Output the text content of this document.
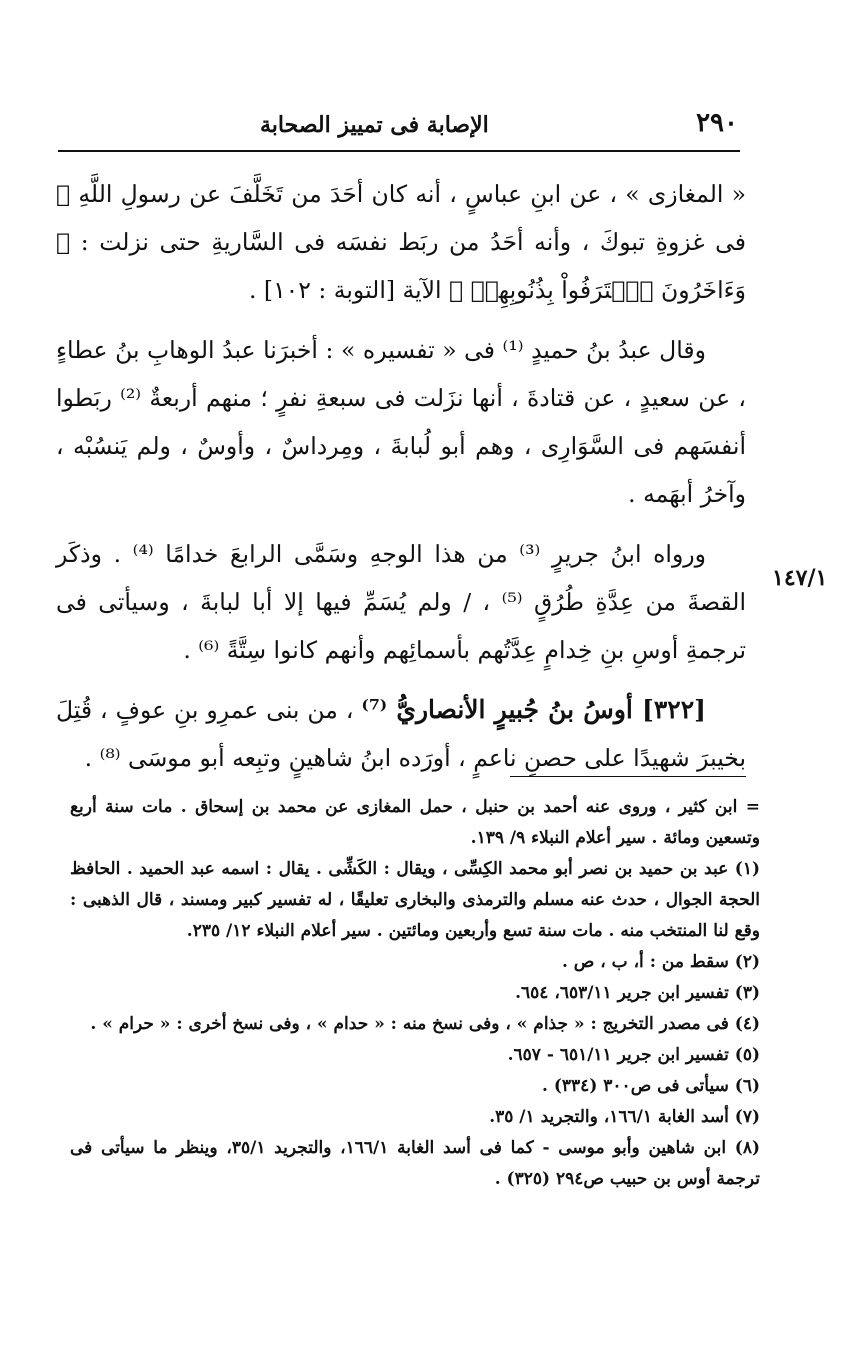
الإصابة فى تمييز الصحابة	٢٩٠
١٤٧/١

« المغازى » ، عن ابنِ عباسٍ ، أنه كان أحَدَ من تَخَلَّفَ عن رسولِ اللَّهِ ﷺ فى غزوةِ تبوكَ ، وأنه أحَدُ من ربَط نفسَه فى السَّاريةِ حتى نزلت : ﴿ وَءَاخَرُونَ ٱعۡتَرَفُواْ بِذُنُوبِهِمۡ ﴾ الآية [التوبة : ١٠٢] .

وقال عبدُ بنُ حميدٍ ⁽¹⁾ فى « تفسيره » : أخبرَنا عبدُ الوهابِ بنُ عطاءٍ ، عن سعيدٍ ، عن قتادةَ ، أنها نزَلت فى سبعةِ نفرٍ ؛ منهم أربعةٌ ⁽²⁾ ربَطوا أنفسَهم فى السَّوَارِى ، وهم أبو لُبابةَ ، ومِرداسٌ ، وأوسٌ ، ولم يَنسُبْه ، وآخرُ أبهَمه .

ورواه ابنُ جريرٍ ⁽³⁾ من هذا الوجهِ وسَمَّى الرابعَ خدامًا ⁽⁴⁾ . وذكَر القصةَ من عِدَّةِ طُرُقٍ ⁽⁵⁾ ، / ولم يُسَمِّ فيها إلا أبا لبابةَ ، وسيأتى فى ترجمةِ أوسِ بنِ خِدامٍ عِدَّتُهم بأسمائِهم وأنهم كانوا سِتَّةً ⁽⁶⁾ .

[٣٢٢] أوسُ بنُ جُبيرٍ الأنصاريُّ ⁽⁷⁾ ، من بنى عمرِو بنِ عوفٍ ، قُتِلَ بخيبرَ شهيدًا على حصنِ ناعمٍ ، أورَده ابنُ شاهينٍ وتبِعه أبو موسَى ⁽⁸⁾ .

= ابن كثير ، وروى عنه أحمد بن حنبل ، حمل المغازى عن محمد بن إسحاق . مات سنة أربع وتسعين ومائة . سير أعلام النبلاء ٩/ ١٣٩.

(١) عبد بن حميد بن نصر أبو محمد الكِسِّى ، ويقال : الكَشِّى . يقال : اسمه عبد الحميد . الحافظ الحجة الجوال ، حدث عنه مسلم والترمذى والبخارى تعليقًا ، له تفسير كبير ومسند ، قال الذهبى : وقع لنا المنتخب منه . مات سنة تسع وأربعين ومائتين . سير أعلام النبلاء ١٢/ ٢٣٥.

(٢) سقط من : أ، ب ، ص .

(٣) تفسير ابن جرير ٦٥٣/١١، ٦٥٤.

(٤) فى مصدر التخريج : « جذام » ، وفى نسخ منه : « حدام » ، وفى نسخ أخرى : « حرام » .

(٥) تفسير ابن جرير ٦٥١/١١ - ٦٥٧.

(٦) سيأتى فى ص٣٠٠ (٣٣٤) .

(٧) أسد الغابة ١٦٦/١، والتجريد ١/ ٣٥.

(٨) ابن شاهين وأبو موسى - كما فى أسد الغابة ١٦٦/١، والتجريد ٣٥/١، وينظر ما سيأتى فى ترجمة أوس بن حبيب ص٢٩٤ (٣٢٥) .
